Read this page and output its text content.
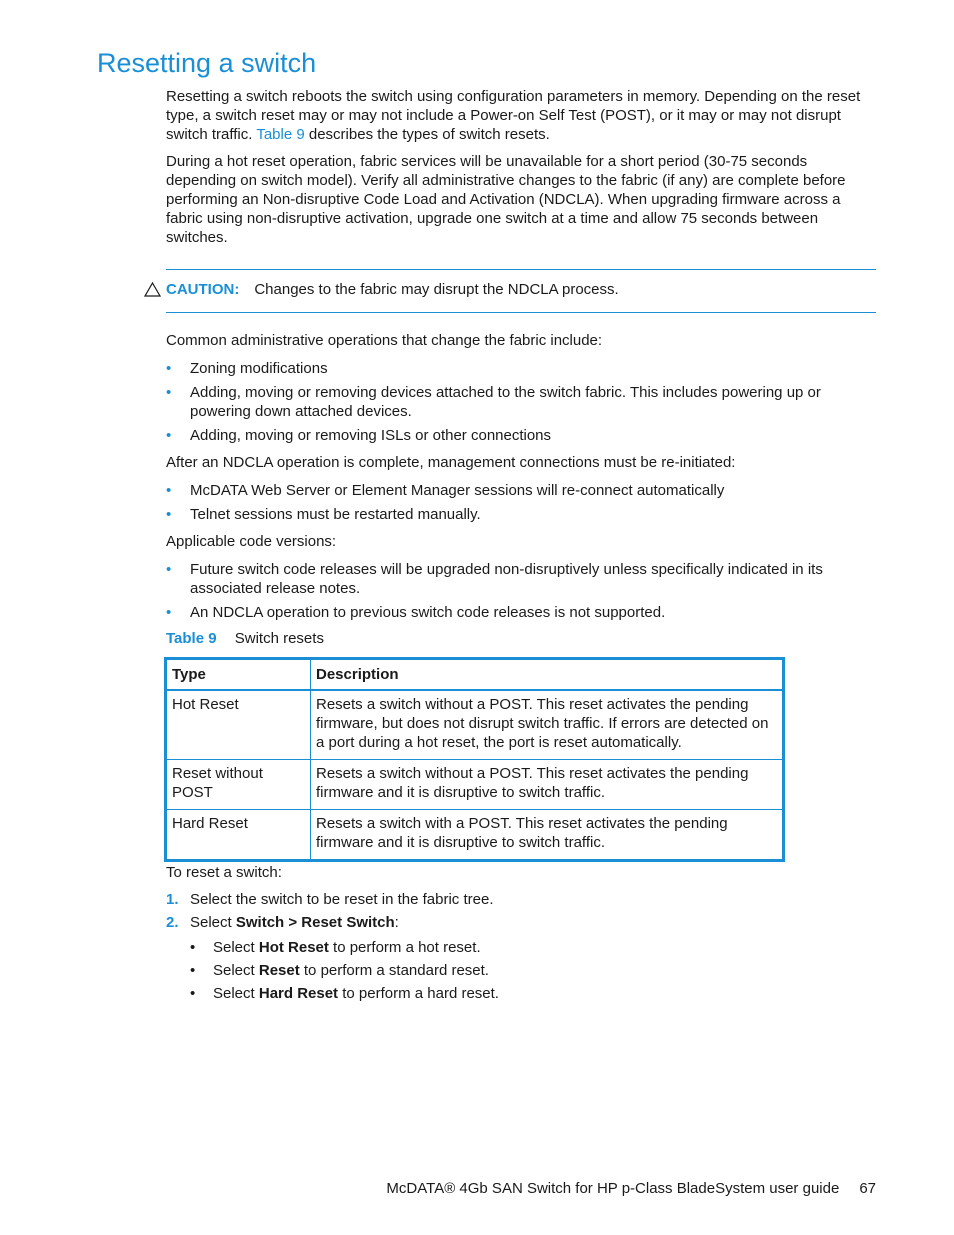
Resetting a switch
Resetting a switch reboots the switch using configuration parameters in memory. Depending on the reset type, a switch reset may or may not include a Power-on Self Test (POST), or it may or may not disrupt switch traffic. Table 9 describes the types of switch resets.
During a hot reset operation, fabric services will be unavailable for a short period (30-75 seconds depending on switch model). Verify all administrative changes to the fabric (if any) are complete before performing an Non-disruptive Code Load and Activation (NDCLA). When upgrading firmware across a fabric using non-disruptive activation, upgrade one switch at a time and allow 75 seconds between switches.
CAUTION: Changes to the fabric may disrupt the NDCLA process.
Common administrative operations that change the fabric include:
• Zoning modifications
• Adding, moving or removing devices attached to the switch fabric. This includes powering up or powering down attached devices.
• Adding, moving or removing ISLs or other connections
After an NDCLA operation is complete, management connections must be re-initiated:
• McDATA Web Server or Element Manager sessions will re-connect automatically
• Telnet sessions must be restarted manually.
Applicable code versions:
• Future switch code releases will be upgraded non-disruptively unless specifically indicated in its associated release notes.
• An NDCLA operation to previous switch code releases is not supported.
Table 9 Switch resets
Type	Description
Hot Reset	Resets a switch without a POST. This reset activates the pending firmware, but does not disrupt switch traffic. If errors are detected on a port during a hot reset, the port is reset automatically.
Reset without POST	Resets a switch without a POST. This reset activates the pending firmware and it is disruptive to switch traffic.
Hard Reset	Resets a switch with a POST. This reset activates the pending firmware and it is disruptive to switch traffic.
To reset a switch:
1. Select the switch to be reset in the fabric tree.
2. Select Switch > Reset Switch:
• Select Hot Reset to perform a hot reset.
• Select Reset to perform a standard reset.
• Select Hard Reset to perform a hard reset.
McDATA® 4Gb SAN Switch for HP p-Class BladeSystem user guide 67
